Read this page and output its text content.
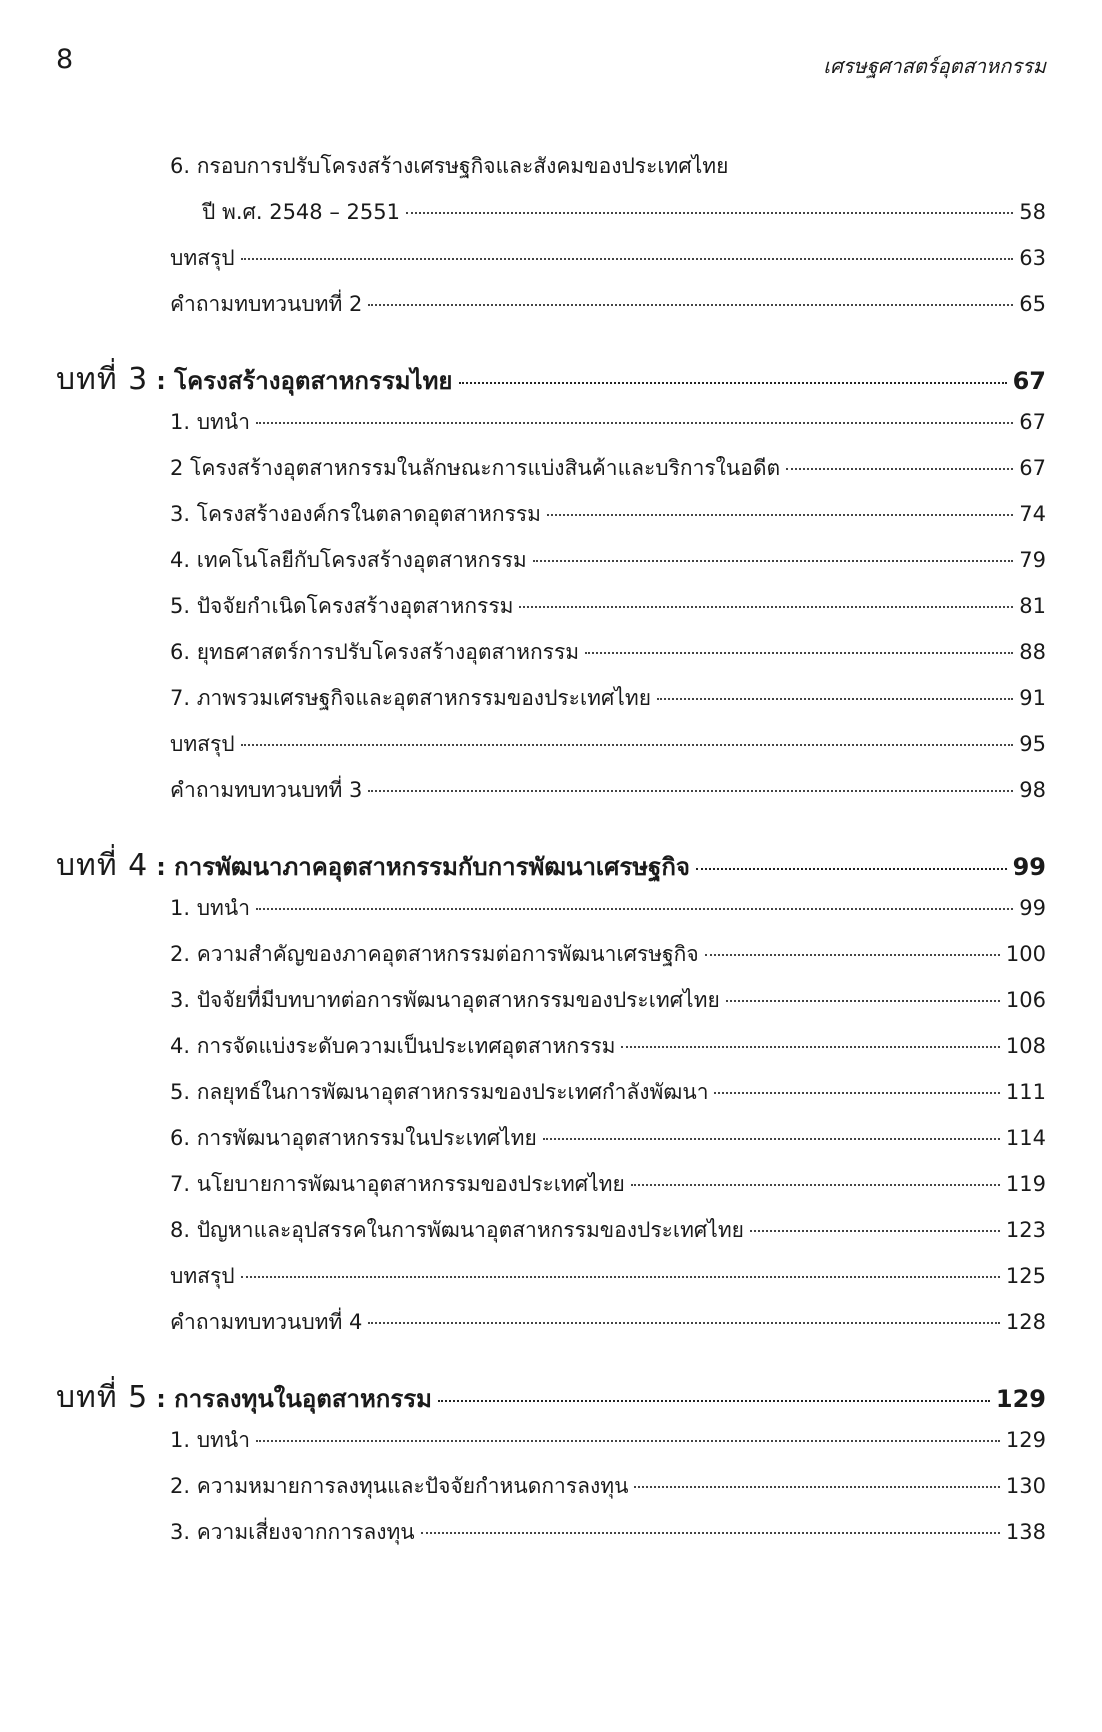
8	เศรษฐศาสตร์อุตสาหกรรม
6. กรอบการปรับโครงสร้างเศรษฐกิจและสังคมของประเทศไทย
ปี พ.ศ. 2548 – 2551	58
บทสรุป	63
คำถามทบทวนบทที่ 2	65
บทที่ 3 : โครงสร้างอุตสาหกรรมไทย	67
1. บทนำ	67
2 โครงสร้างอุตสาหกรรมในลักษณะการแบ่งสินค้าและบริการในอดีต	67
3. โครงสร้างองค์กรในตลาดอุตสาหกรรม	74
4. เทคโนโลยีกับโครงสร้างอุตสาหกรรม	79
5. ปัจจัยกำเนิดโครงสร้างอุตสาหกรรม	81
6. ยุทธศาสตร์การปรับโครงสร้างอุตสาหกรรม	88
7. ภาพรวมเศรษฐกิจและอุตสาหกรรมของประเทศไทย	91
บทสรุป	95
คำถามทบทวนบทที่ 3	98
บทที่ 4 : การพัฒนาภาคอุตสาหกรรมกับการพัฒนาเศรษฐกิจ	99
1. บทนำ	99
2. ความสำคัญของภาคอุตสาหกรรมต่อการพัฒนาเศรษฐกิจ	100
3. ปัจจัยที่มีบทบาทต่อการพัฒนาอุตสาหกรรมของประเทศไทย	106
4. การจัดแบ่งระดับความเป็นประเทศอุตสาหกรรม	108
5. กลยุทธ์ในการพัฒนาอุตสาหกรรมของประเทศกำลังพัฒนา	111
6. การพัฒนาอุตสาหกรรมในประเทศไทย	114
7. นโยบายการพัฒนาอุตสาหกรรมของประเทศไทย	119
8. ปัญหาและอุปสรรคในการพัฒนาอุตสาหกรรมของประเทศไทย	123
บทสรุป	125
คำถามทบทวนบทที่ 4	128
บทที่ 5 : การลงทุนในอุตสาหกรรม	129
1. บทนำ	129
2. ความหมายการลงทุนและปัจจัยกำหนดการลงทุน	130
3. ความเสี่ยงจากการลงทุน	138
